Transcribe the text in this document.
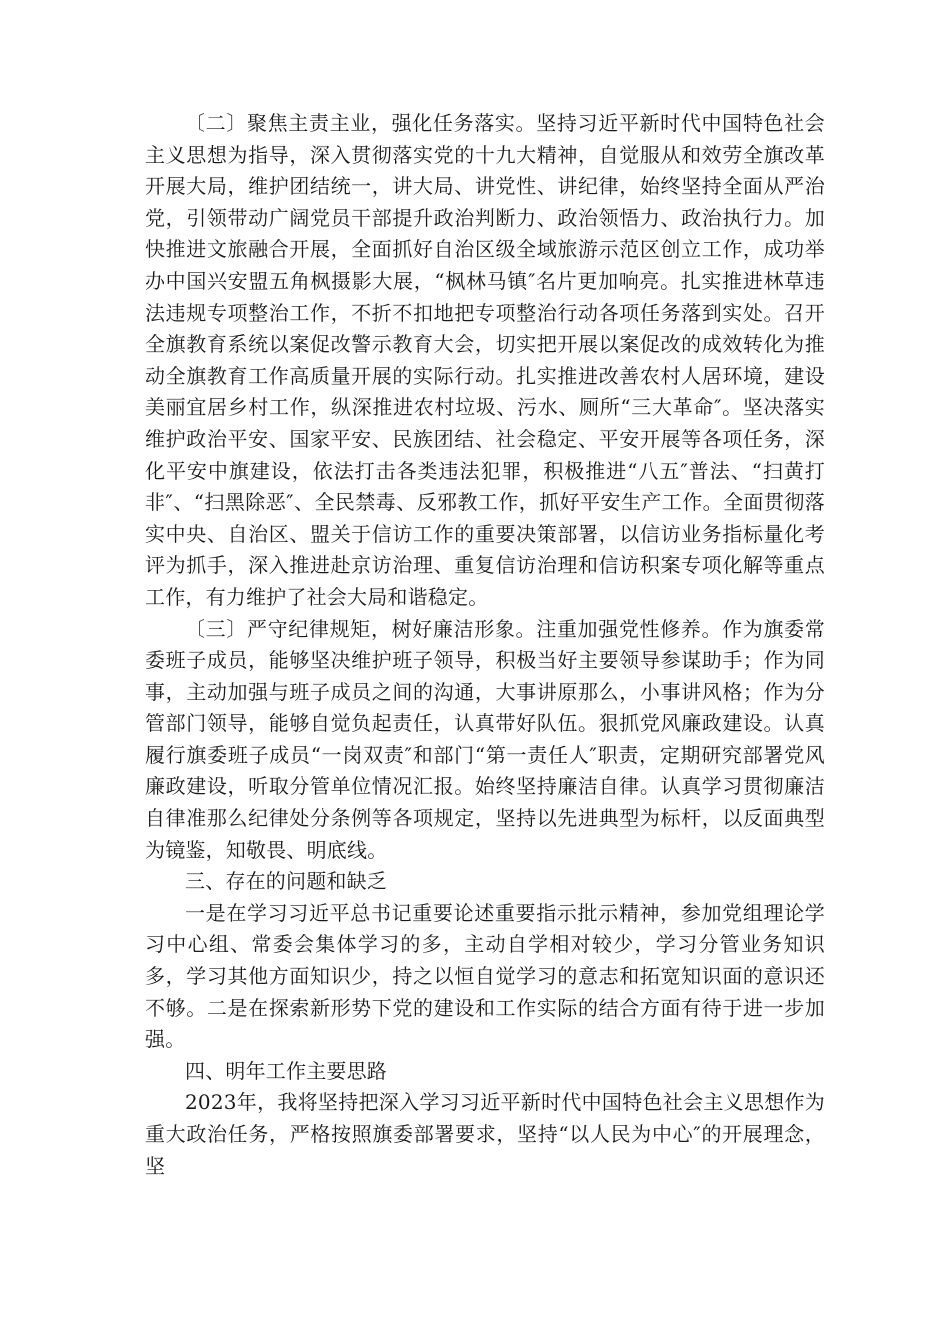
〔二〕聚焦主责主业，强化任务落实。坚持习近平新时代中国特色社会主义思想为指导，深入贯彻落实党的十九大精神，自觉服从和效劳全旗改革开展大局，维护团结统一，讲大局、讲党性、讲纪律，始终坚持全面从严治党，引领带动广阔党员干部提升政治判断力、政治领悟力、政治执行力。加快推进文旅融合开展，全面抓好自治区级全域旅游示范区创立工作，成功举办中国兴安盟五角枫摄影大展，“枫林马镇″名片更加响亮。扎实推进林草违法违规专项整治工作，不折不扣地把专项整治行动各项任务落到实处。召开全旗教育系统以案促改警示教育大会，切实把开展以案促改的成效转化为推动全旗教育工作高质量开展的实际行动。扎实推进改善农村人居环境，建设美丽宜居乡村工作，纵深推进农村垃圾、污水、厕所“三大革命″。坚决落实维护政治平安、国家平安、民族团结、社会稳定、平安开展等各项任务，深化平安中旗建设，依法打击各类违法犯罪，积极推进“八五″普法、“扫黄打非″、“扫黑除恶″、全民禁毒、反邪教工作，抓好平安生产工作。全面贯彻落实中央、自治区、盟关于信访工作的重要决策部署，以信访业务指标量化考评为抓手，深入推进赴京访治理、重复信访治理和信访积案专项化解等重点工作，有力维护了社会大局和谐稳定。

〔三〕严守纪律规矩，树好廉洁形象。注重加强党性修养。作为旗委常委班子成员，能够坚决维护班子领导，积极当好主要领导参谋助手；作为同事，主动加强与班子成员之间的沟通，大事讲原那么，小事讲风格；作为分管部门领导，能够自觉负起责任，认真带好队伍。狠抓党风廉政建设。认真履行旗委班子成员“一岗双责″和部门“第一责任人″职责，定期研究部署党风廉政建设，听取分管单位情况汇报。始终坚持廉洁自律。认真学习贯彻廉洁自律准那么纪律处分条例等各项规定，坚持以先进典型为标杆，以反面典型为镜鉴，知敬畏、明底线。

三、存在的问题和缺乏

一是在学习习近平总书记重要论述重要指示批示精神，参加党组理论学习中心组、常委会集体学习的多，主动自学相对较少，学习分管业务知识多，学习其他方面知识少，持之以恒自觉学习的意志和拓宽知识面的意识还不够。二是在探索新形势下党的建设和工作实际的结合方面有待于进一步加强。

四、明年工作主要思路

2023年，我将坚持把深入学习习近平新时代中国特色社会主义思想作为重大政治任务，严格按照旗委部署要求，坚持“以人民为中心″的开展理念，坚
